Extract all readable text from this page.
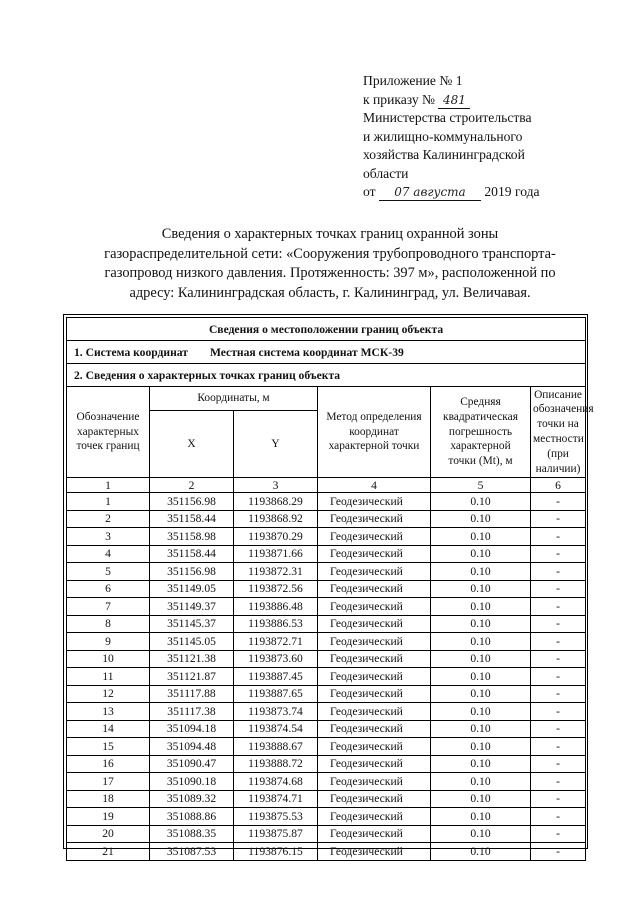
Приложение № 1
к приказу № 481
Министерства строительства
и жилищно-коммунального
хозяйства Калининградской
области
от 07 августа 2019 года
Сведения о характерных точках границ охранной зоны
газораспределительной сети: «Сооружения трубопроводного транспорта-
газопровод низкого давления. Протяженность: 397 м», расположенной по
адресу: Калининградская область, г. Калининград, ул. Величавая.
Сведения о местоположении границ объекта					
1. Система координат Местная система координат МСК-39					
2. Сведения о характерных точках границ объекта					
Обозначение характерных точек границ	Координаты, м		Метод определения координат характерной точки	Средняя квадратическая погрешность характерной точки (Mt), м	Описание обозначения точки на местности (при наличии)
	X	Y			
1	2	3	4	5	6
1	351156.98	1193868.29	Геодезический	0.10	-
2	351158.44	1193868.92	Геодезический	0.10	-
3	351158.98	1193870.29	Геодезический	0.10	-
4	351158.44	1193871.66	Геодезический	0.10	-
5	351156.98	1193872.31	Геодезический	0.10	-
6	351149.05	1193872.56	Геодезический	0.10	-
7	351149.37	1193886.48	Геодезический	0.10	-
8	351145.37	1193886.53	Геодезический	0.10	-
9	351145.05	1193872.71	Геодезический	0.10	-
10	351121.38	1193873.60	Геодезический	0.10	-
11	351121.87	1193887.45	Геодезический	0.10	-
12	351117.88	1193887.65	Геодезический	0.10	-
13	351117.38	1193873.74	Геодезический	0.10	-
14	351094.18	1193874.54	Геодезический	0.10	-
15	351094.48	1193888.67	Геодезический	0.10	-
16	351090.47	1193888.72	Геодезический	0.10	-
17	351090.18	1193874.68	Геодезический	0.10	-
18	351089.32	1193874.71	Геодезический	0.10	-
19	351088.86	1193875.53	Геодезический	0.10	-
20	351088.35	1193875.87	Геодезический	0.10	-
21	351087.53	1193876.15	Геодезический	0.10	-
